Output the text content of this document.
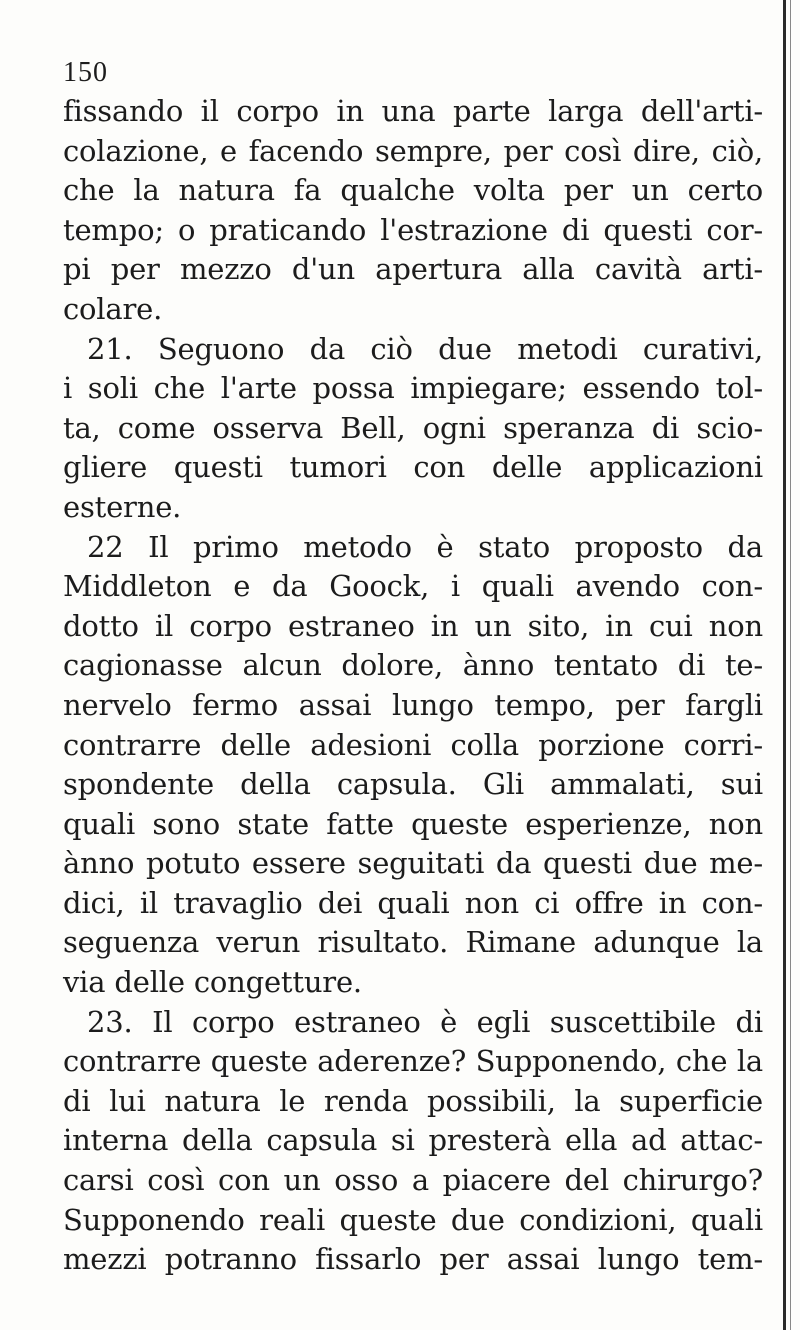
150
fissando il corpo in una parte larga dell'arti-
colazione, e facendo sempre, per così dire, ciò,
che la natura fa qualche volta per un certo
tempo; o praticando l'estrazione di questi cor-
pi per mezzo d'un apertura alla cavità arti-
colare.
21. Seguono da ciò due metodi curativi,
i soli che l'arte possa impiegare; essendo tol-
ta, come osserva Bell, ogni speranza di scio-
gliere questi tumori con delle applicazioni
esterne.
22 Il primo metodo è stato proposto da
Middleton e da Goock, i quali avendo con-
dotto il corpo estraneo in un sito, in cui non
cagionasse alcun dolore, ànno tentato di te-
nervelo fermo assai lungo tempo, per fargli
contrarre delle adesioni colla porzione corri-
spondente della capsula. Gli ammalati, sui
quali sono state fatte queste esperienze, non
ànno potuto essere seguitati da questi due me-
dici, il travaglio dei quali non ci offre in con-
seguenza verun risultato. Rimane adunque la
via delle congetture.
23. Il corpo estraneo è egli suscettibile di
contrarre queste aderenze? Supponendo, che la
di lui natura le renda possibili, la superficie
interna della capsula si presterà ella ad attac-
carsi così con un osso a piacere del chirurgo?
Supponendo reali queste due condizioni, quali
mezzi potranno fissarlo per assai lungo tem-
